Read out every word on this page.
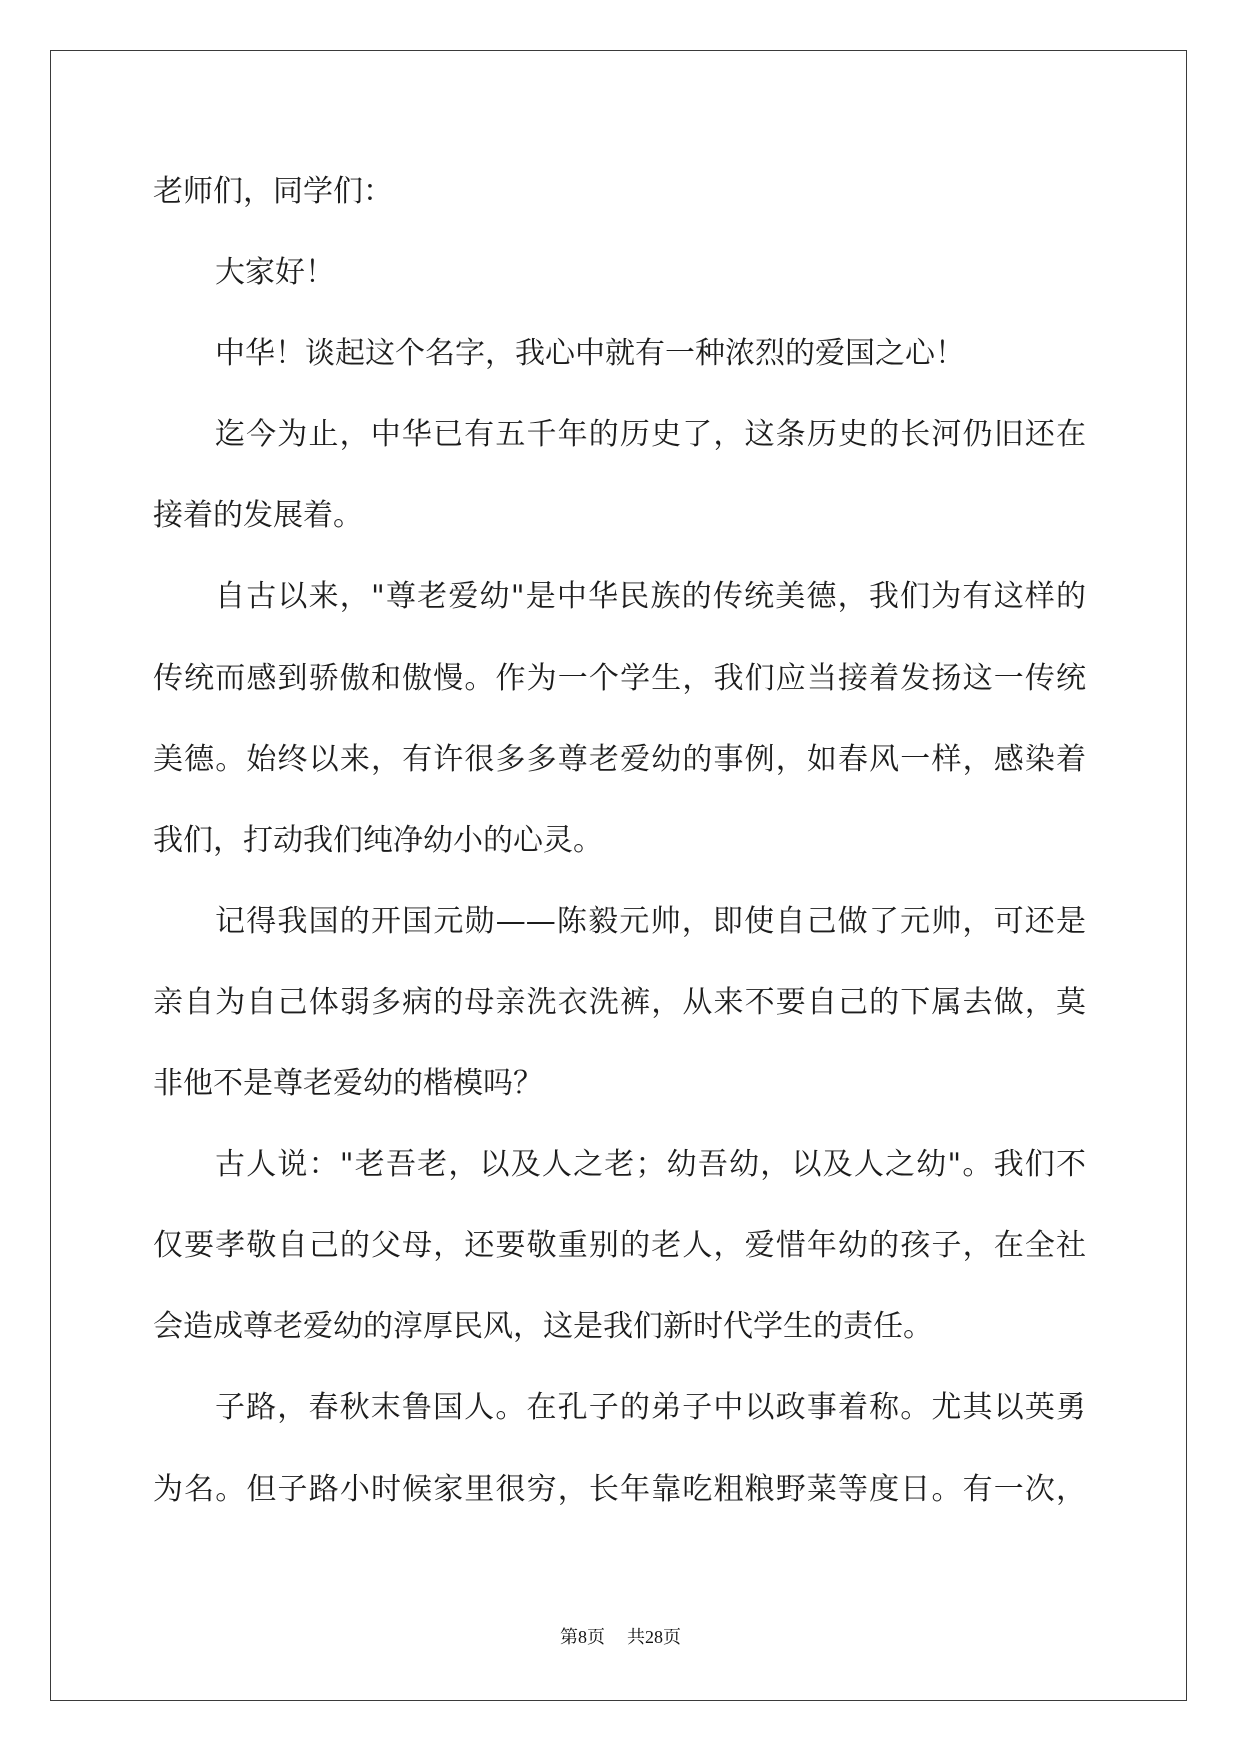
老师们，同学们：
大家好！
中华！谈起这个名字，我心中就有一种浓烈的爱国之心！
迄今为止，中华已有五千年的历史了，这条历史的长河仍旧还在
接着的发展着。
自古以来，"尊老爱幼"是中华民族的传统美德，我们为有这样的
传统而感到骄傲和傲慢。作为一个学生，我们应当接着发扬这一传统
美德。始终以来，有许很多多尊老爱幼的事例，如春风一样，感染着
我们，打动我们纯净幼小的心灵。
记得我国的开国元勋——陈毅元帅，即使自己做了元帅，可还是
亲自为自己体弱多病的母亲洗衣洗裤，从来不要自己的下属去做，莫
非他不是尊老爱幼的楷模吗？
古人说："老吾老，以及人之老；幼吾幼，以及人之幼"。我们不
仅要孝敬自己的父母，还要敬重别的老人，爱惜年幼的孩子，在全社
会造成尊老爱幼的淳厚民风，这是我们新时代学生的责任。
子路，春秋末鲁国人。在孔子的弟子中以政事着称。尤其以英勇
为名。但子路小时候家里很穷，长年靠吃粗粮野菜等度日。有一次，
第8页 共28页
